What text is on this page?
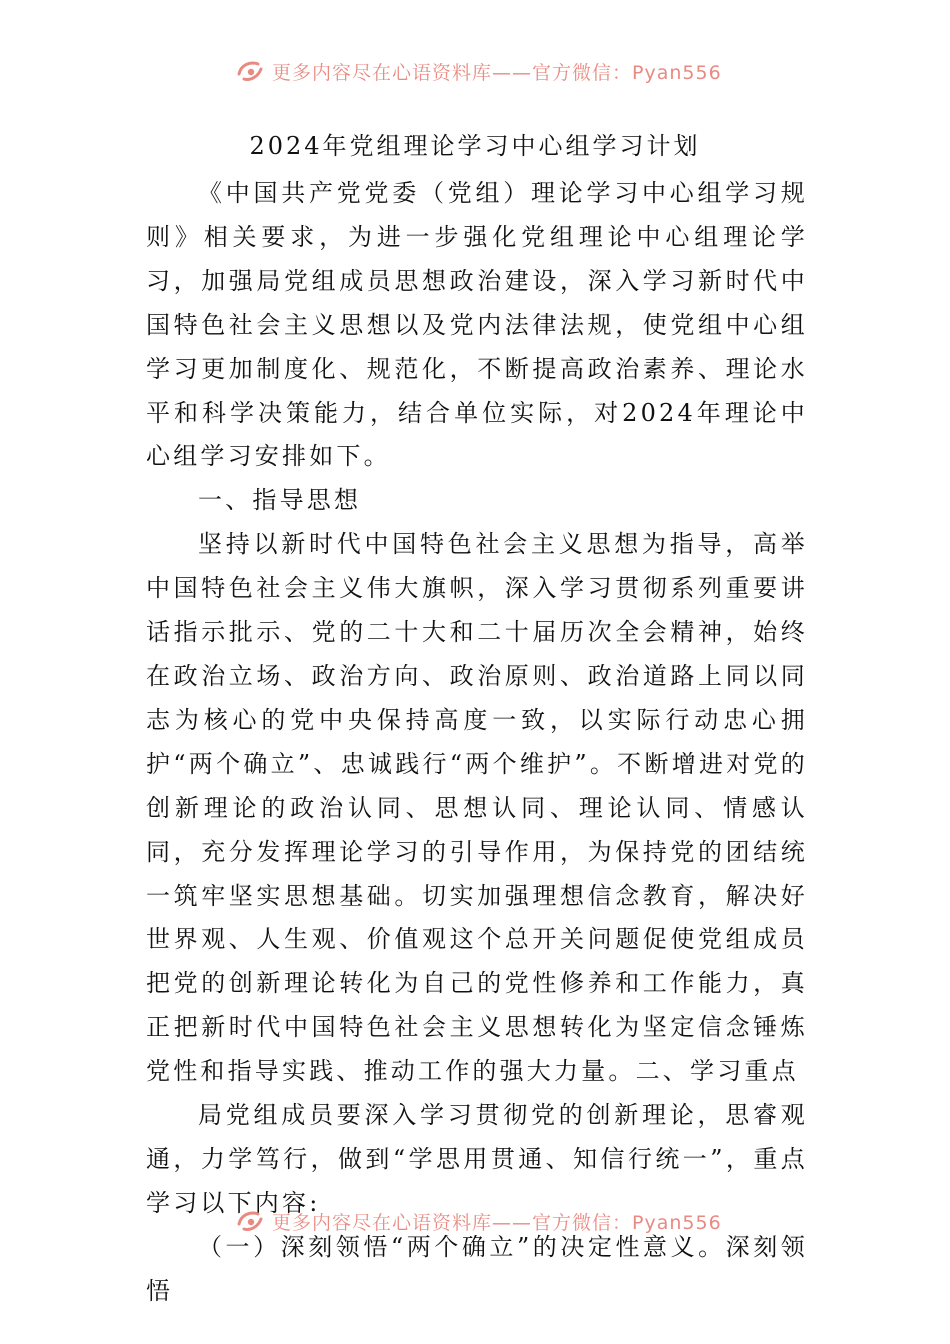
更多内容尽在心语资料库——官方微信：Pyan556
2024年党组理论学习中心组学习计划

《中国共产党党委（党组）理论学习中心组学习规则》相关要求，为进一步强化党组理论中心组理论学习，加强局党组成员思想政治建设，深入学习新时代中国特色社会主义思想以及党内法律法规，使党组中心组学习更加制度化、规范化，不断提高政治素养、理论水平和科学决策能力，结合单位实际，对2024年理论中心组学习安排如下。

一、指导思想

坚持以新时代中国特色社会主义思想为指导，高举中国特色社会主义伟大旗帜，深入学习贯彻系列重要讲话指示批示、党的二十大和二十届历次全会精神，始终在政治立场、政治方向、政治原则、政治道路上同以同志为核心的党中央保持高度一致，以实际行动忠心拥护“两个确立”、忠诚践行“两个维护”。不断增进对党的创新理论的政治认同、思想认同、理论认同、情感认同，充分发挥理论学习的引导作用，为保持党的团结统一筑牢坚实思想基础。切实加强理想信念教育，解决好世界观、人生观、价值观这个总开关问题促使党组成员把党的创新理论转化为自己的党性修养和工作能力，真正把新时代中国特色社会主义思想转化为坚定信念锤炼党性和指导实践、推动工作的强大力量。二、学习重点

局党组成员要深入学习贯彻党的创新理论，思睿观通，力学笃行，做到“学思用贯通、知信行统一”，重点学习以下内容:

（一）深刻领悟“两个确立”的决定性意义。深刻领悟

更多内容尽在心语资料库——官方微信：Pyan556
